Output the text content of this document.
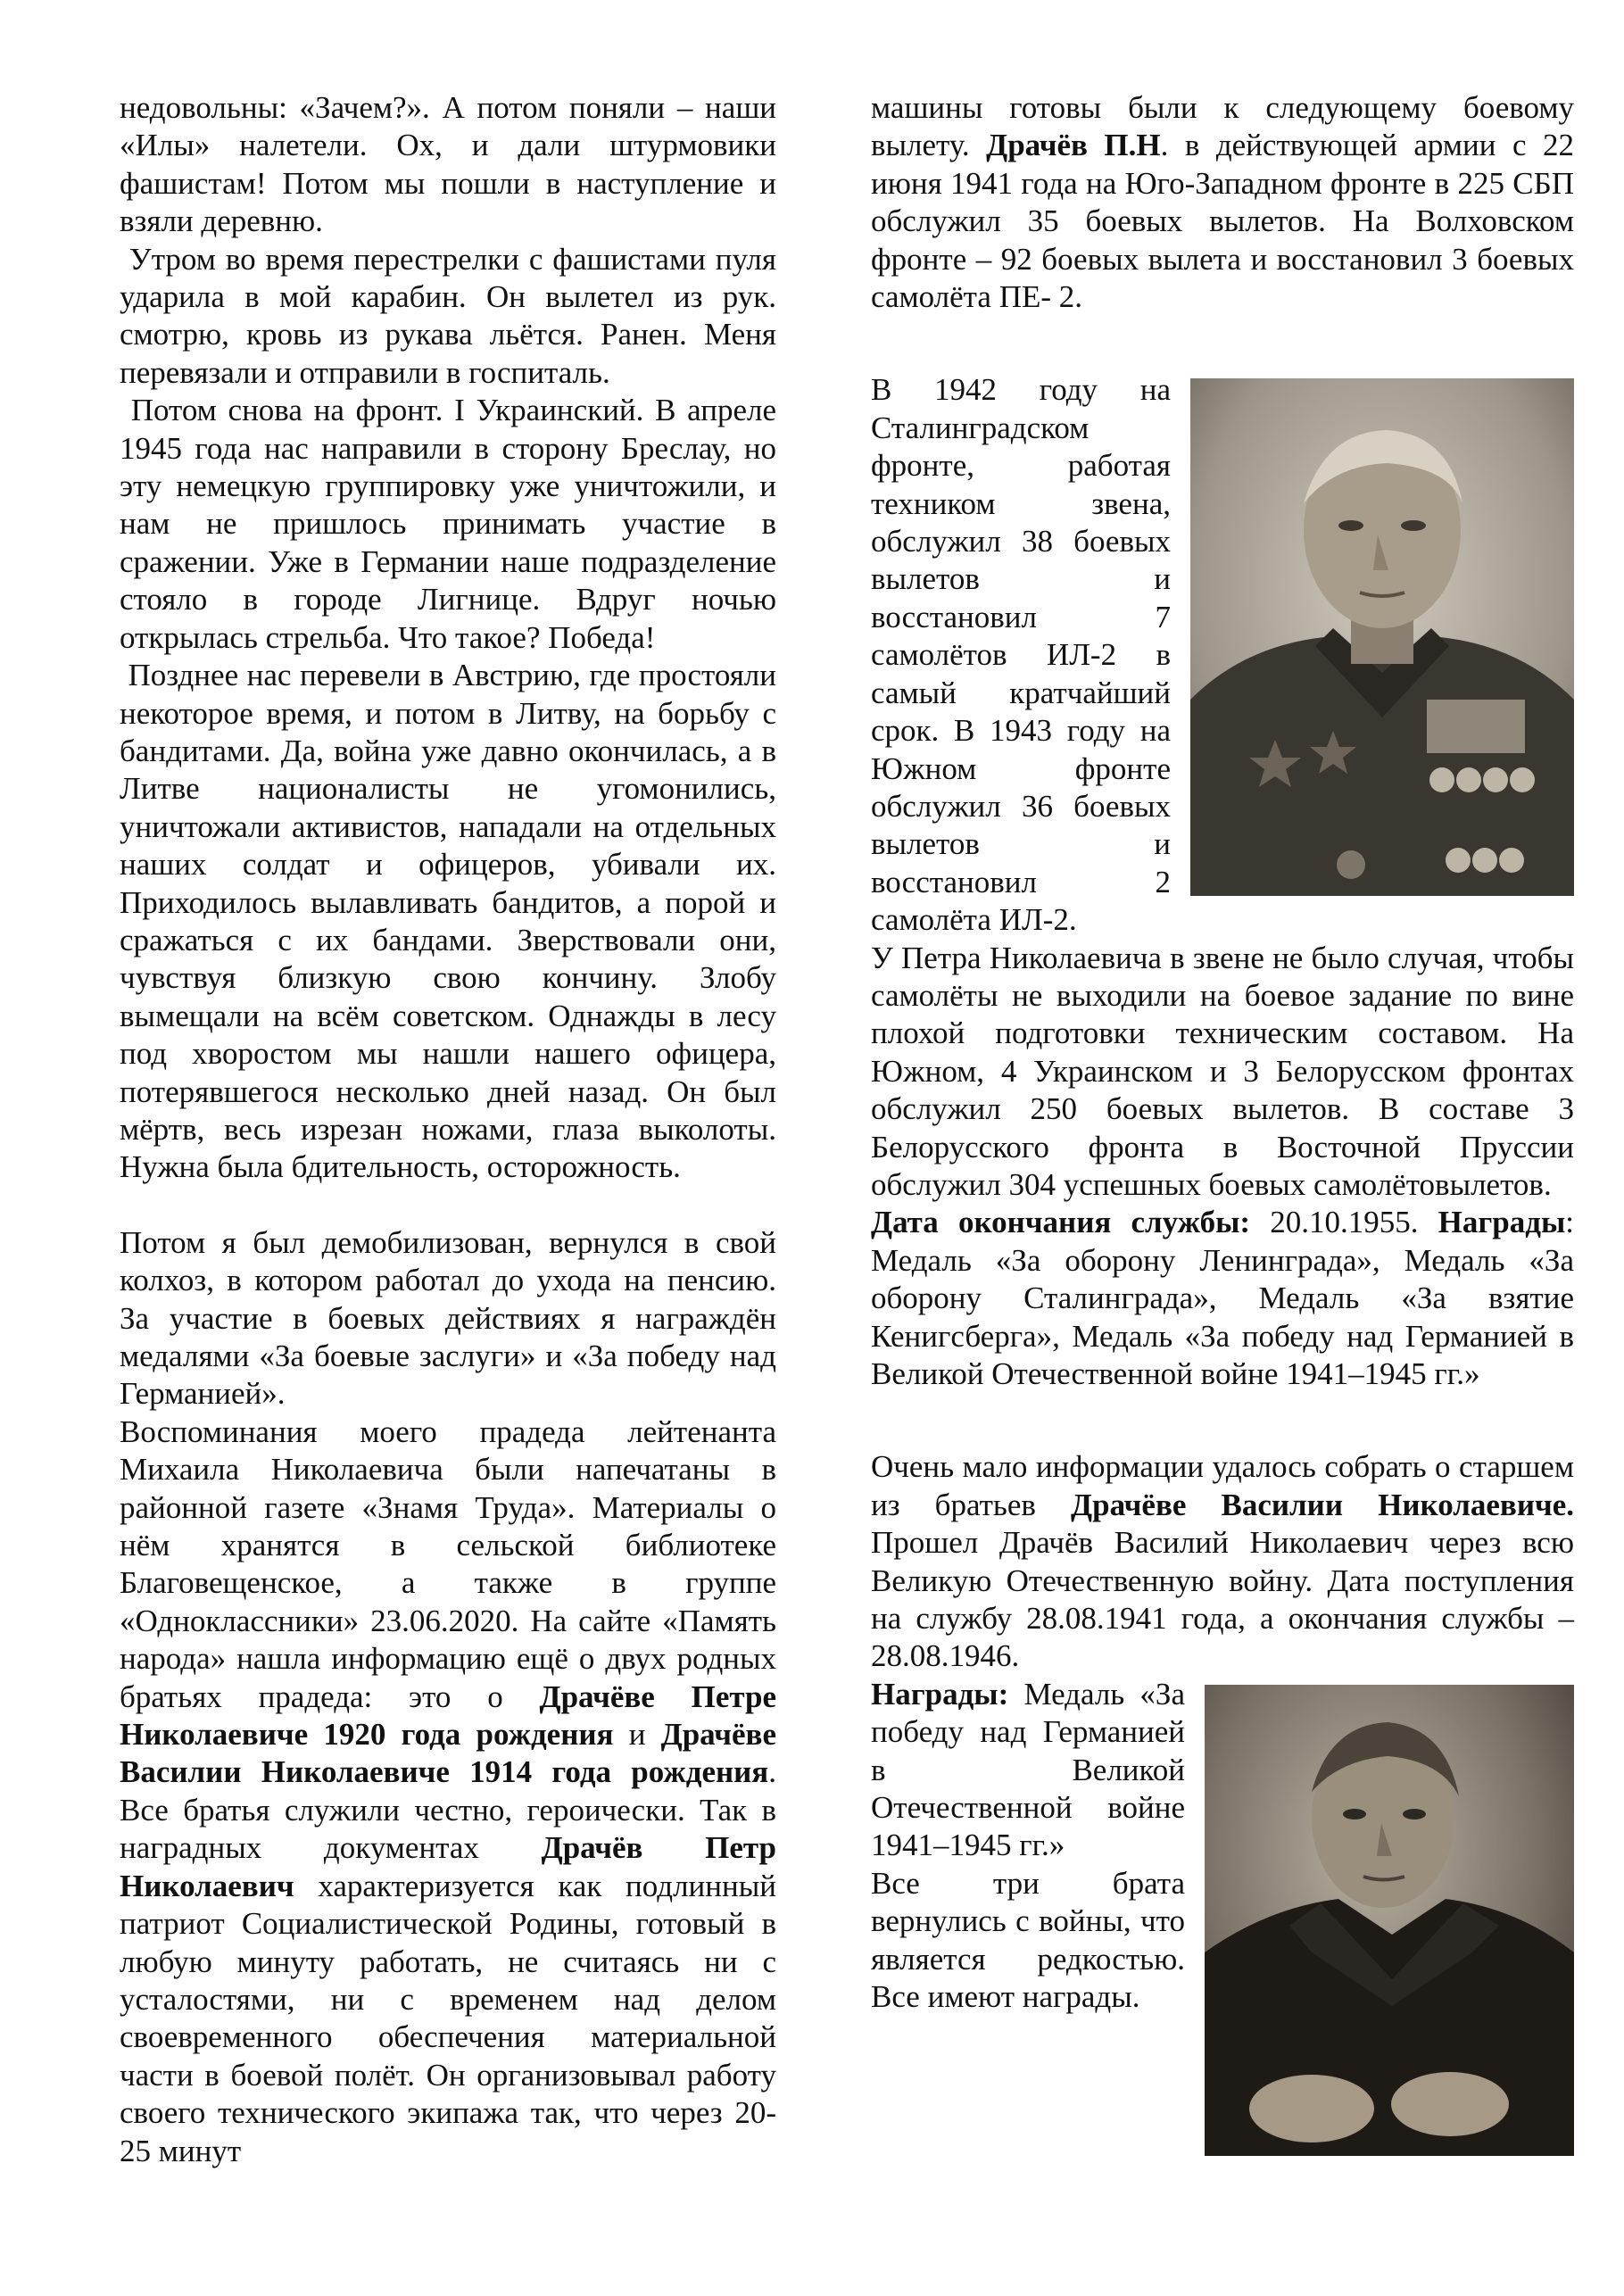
недовольны: «Зачем?». А потом поняли – наши «Илы» налетели. Ох, и дали штурмовики фашистам! Потом мы пошли в наступление и взяли деревню.

Утром во время перестрелки с фашистами пуля ударила в мой карабин. Он вылетел из рук. смотрю, кровь из рукава льётся. Ранен. Меня перевязали и отправили в госпиталь.

Потом снова на фронт. I Украинский. В апреле 1945 года нас направили в сторону Бреслау, но эту немецкую группировку уже уничтожили, и нам не пришлось принимать участие в сражении. Уже в Германии наше подразделение стояло в городе Лигнице. Вдруг ночью открылась стрельба. Что такое? Победа!

Позднее нас перевели в Австрию, где простояли некоторое время, и потом в Литву, на борьбу с бандитами. Да, война уже давно окончилась, а в Литве националисты не угомонились, уничтожали активистов, нападали на отдельных наших солдат и офицеров, убивали их. Приходилось вылавливать бандитов, а порой и сражаться с их бандами. Зверствовали они, чувствуя близкую свою кончину. Злобу вымещали на всём советском. Однажды в лесу под хворостом мы нашли нашего офицера, потерявшегося несколько дней назад. Он был мёртв, весь изрезан ножами, глаза выколоты. Нужна была бдительность, осторожность.

Потом я был демобилизован, вернулся в свой колхоз, в котором работал до ухода на пенсию. За участие в боевых действиях я награждён медалями «За боевые заслуги» и «За победу над Германией».

Воспоминания моего прадеда лейтенанта Михаила Николаевича были напечатаны в районной газете «Знамя Труда». Материалы о нём хранятся в сельской библиотеке Благовещенское, а также в группе «Одноклассники» 23.06.2020. На сайте «Память народа» нашла информацию ещё о двух родных братьях прадеда: это о Драчёве Петре Николаевиче 1920 года рождения и Драчёве Василии Николаевиче 1914 года рождения. Все братья служили честно, героически. Так в наградных документах Драчёв Петр Николаевич характеризуется как подлинный патриот Социалистической Родины, готовый в любую минуту работать, не считаясь ни с усталостями, ни с временем над делом своевременного обеспечения материальной части в боевой полёт. Он организовывал работу своего технического экипажа так, что через 20-25 минут

машины готовы были к следующему боевому вылету. Драчёв П.Н. в действующей армии с 22 июня 1941 года на Юго-Западном фронте в 225 СБП обслужил 35 боевых вылетов. На Волховском фронте – 92 боевых вылета и восстановил 3 боевых самолёта ПЕ- 2.

В 1942 году на Сталинградском фронте, работая техником звена, обслужил 38 боевых вылетов и восстановил 7 самолётов ИЛ-2 в самый кратчайший срок. В 1943 году на Южном фронте обслужил 36 боевых вылетов и восстановил 2 самолёта ИЛ-2.

У Петра Николаевича в звене не было случая, чтобы самолёты не выходили на боевое задание по вине плохой подготовки техническим составом. На Южном, 4 Украинском и 3 Белорусском фронтах обслужил 250 боевых вылетов. В составе 3 Белорусского фронта в Восточной Пруссии обслужил 304 успешных боевых самолётовылетов.

Дата окончания службы: 20.10.1955. Награды: Медаль «За оборону Ленинграда», Медаль «За оборону Сталинграда», Медаль «За взятие Кенигсберга», Медаль «За победу над Германией в Великой Отечественной войне 1941–1945 гг.»

Очень мало информации удалось собрать о старшем из братьев Драчёве Василии Николаевиче. Прошел Драчёв Василий Николаевич через всю Великую Отечественную войну. Дата поступления на службу 28.08.1941 года, а окончания службы – 28.08.1946.

Награды: Медаль «За победу над Германией в Великой Отечественной войне 1941–1945 гг.»

Все три брата вернулись с войны, что является редкостью. Все имеют награды.
